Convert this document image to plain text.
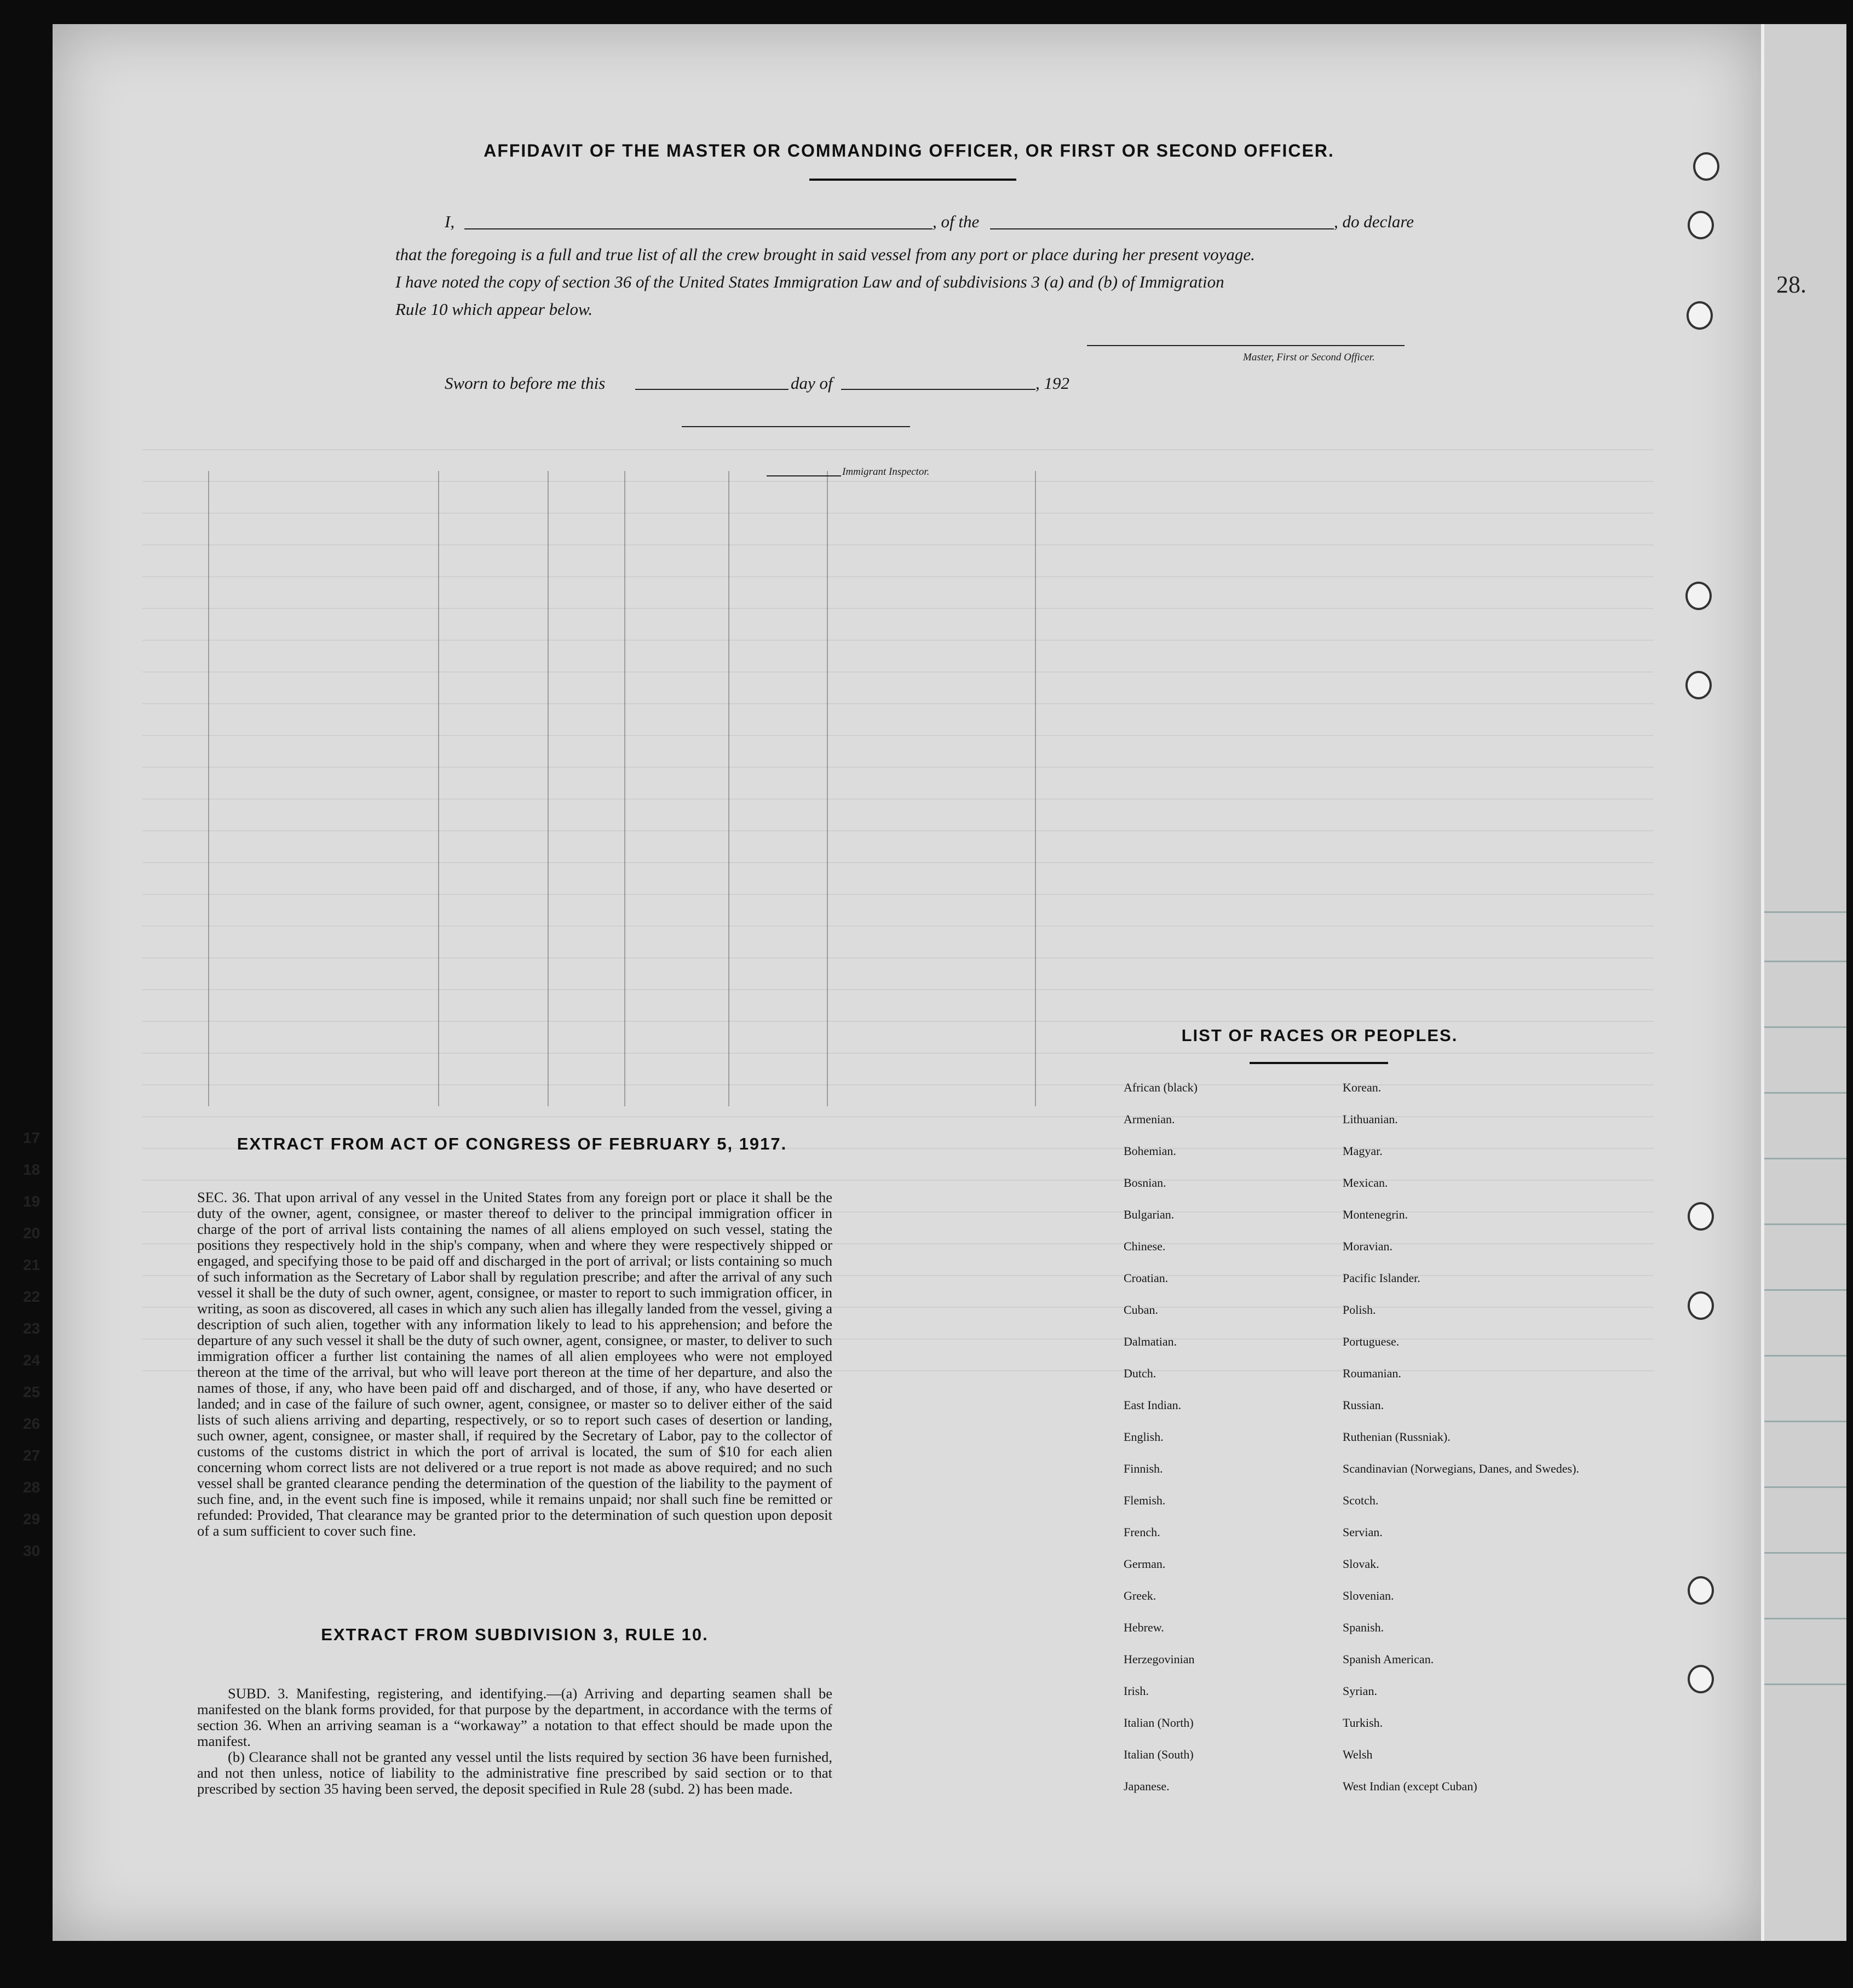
28.
17
18
19
20
21
22
23
24
25
26
27
28
29
30
AFFIDAVIT OF THE MASTER OR COMMANDING OFFICER, OR FIRST OR SECOND OFFICER.
I,	, of the	, do declare
that the foregoing is a full and true list of all the crew brought in said vessel from any port or place during her present voyage.
I have noted the copy of section 36 of the United States Immigration Law and of subdivisions 3 (a) and (b) of Immigration
Rule 10 which appear below.
Master, First or Second Officer.
Sworn to before me this	day of	, 192
Immigrant Inspector.
EXTRACT FROM ACT OF CONGRESS OF FEBRUARY 5, 1917.
SEC. 36. That upon arrival of any vessel in the United States from any foreign port or place it shall be the duty of the owner, agent, consignee, or master thereof to deliver to the principal immigration officer in charge of the port of arrival lists containing the names of all aliens employed on such vessel, stating the positions they respectively hold in the ship's company, when and where they were respectively shipped or engaged, and specifying those to be paid off and discharged in the port of arrival; or lists containing so much of such information as the Secretary of Labor shall by regulation prescribe; and after the arrival of any such vessel it shall be the duty of such owner, agent, consignee, or master to report to such immigration officer, in writing, as soon as discovered, all cases in which any such alien has illegally landed from the vessel, giving a description of such alien, together with any information likely to lead to his apprehension; and before the departure of any such vessel it shall be the duty of such owner, agent, consignee, or master, to deliver to such immigration officer a further list containing the names of all alien employees who were not employed thereon at the time of the arrival, but who will leave port thereon at the time of her departure, and also the names of those, if any, who have been paid off and discharged, and of those, if any, who have deserted or landed; and in case of the failure of such owner, agent, consignee, or master so to deliver either of the said lists of such aliens arriving and departing, respectively, or so to report such cases of desertion or landing, such owner, agent, consignee, or master shall, if required by the Secretary of Labor, pay to the collector of customs of the customs district in which the port of arrival is located, the sum of $10 for each alien concerning whom correct lists are not delivered or a true report is not made as above required; and no such vessel shall be granted clearance pending the determination of the question of the liability to the payment of such fine, and, in the event such fine is imposed, while it remains unpaid; nor shall such fine be remitted or refunded: Provided, That clearance may be granted prior to the determination of such question upon deposit of a sum sufficient to cover such fine.
EXTRACT FROM SUBDIVISION 3, RULE 10.
SUBD. 3. Manifesting, registering, and identifying.—(a) Arriving and departing seamen shall be manifested on the blank forms provided, for that purpose by the department, in accordance with the terms of section 36. When an arriving seaman is a “workaway” a notation to that effect should be made upon the manifest.
(b) Clearance shall not be granted any vessel until the lists required by section 36 have been furnished, and not then unless, notice of liability to the administrative fine prescribed by said section or to that prescribed by section 35 having been served, the deposit specified in Rule 28 (subd. 2) has been made.
LIST OF RACES OR PEOPLES.
African (black)
Armenian.
Bohemian.
Bosnian.
Bulgarian.
Chinese.
Croatian.
Cuban.
Dalmatian.
Dutch.
East Indian.
English.
Finnish.
Flemish.
French.
German.
Greek.
Hebrew.
Herzegovinian
Irish.
Italian (North)
Italian (South)
Japanese.
Korean.
Lithuanian.
Magyar.
Mexican.
Montenegrin.
Moravian.
Pacific Islander.
Polish.
Portuguese.
Roumanian.
Russian.
Ruthenian (Russniak).
Scandinavian (Norwegians, Danes, and Swedes).
Scotch.
Servian.
Slovak.
Slovenian.
Spanish.
Spanish American.
Syrian.
Turkish.
Welsh
West Indian (except Cuban)
